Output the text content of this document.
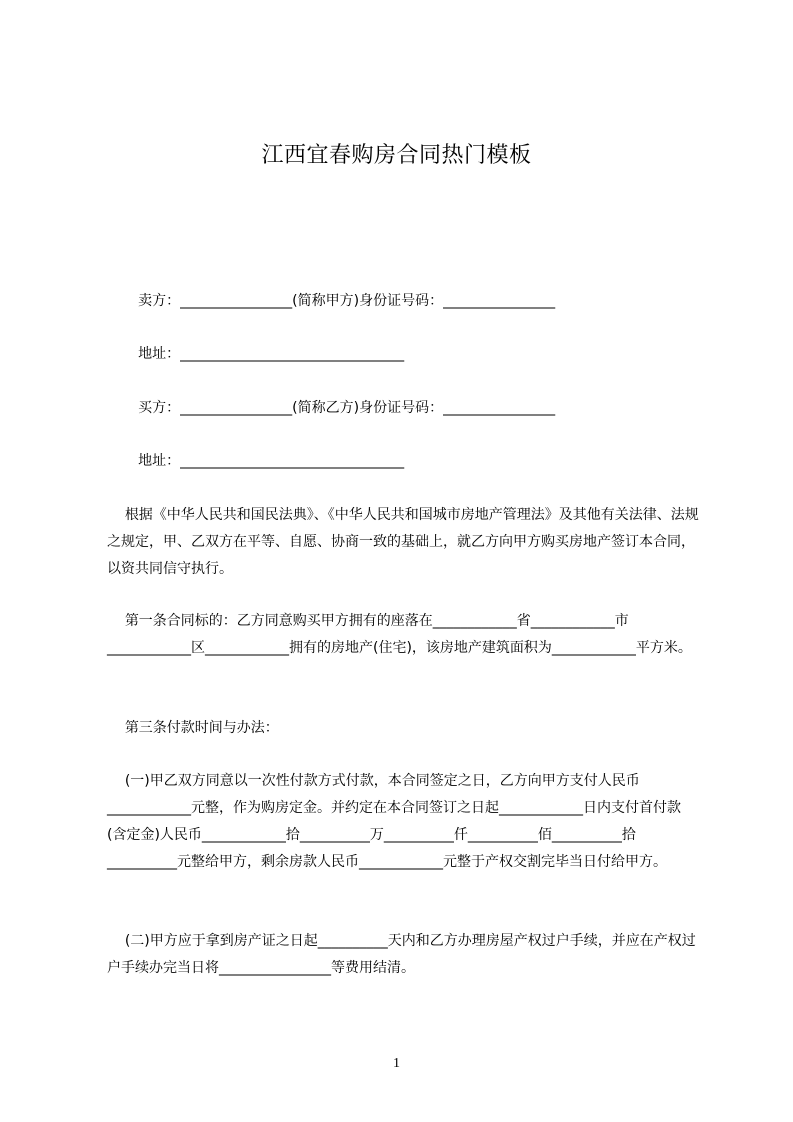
江西宜春购房合同热门模板
卖方：________________(简称甲方)身份证号码：________________
地址：________________________________
买方：________________(简称乙方)身份证号码：________________
地址：________________________________
根据《中华人民共和国民法典》、《中华人民共和国城市房地产管理法》及其他有关法律、法规之规定，甲、乙双方在平等、自愿、协商一致的基础上，就乙方向甲方购买房地产签订本合同，以资共同信守执行。
第一条合同标的：乙方同意购买甲方拥有的座落在____________省____________市____________区____________拥有的房地产(住宅)，该房地产建筑面积为____________平方米。
第三条付款时间与办法：
(一)甲乙双方同意以一次性付款方式付款，本合同签定之日，乙方向甲方支付人民币____________元整，作为购房定金。并约定在本合同签订之日起____________日内支付首付款(含定金)人民币____________拾__________万__________仟__________佰__________拾__________元整给甲方，剩余房款人民币____________元整于产权交割完毕当日付给甲方。
(二)甲方应于拿到房产证之日起__________天内和乙方办理房屋产权过户手续，并应在产权过户手续办完当日将________________等费用结清。
1
